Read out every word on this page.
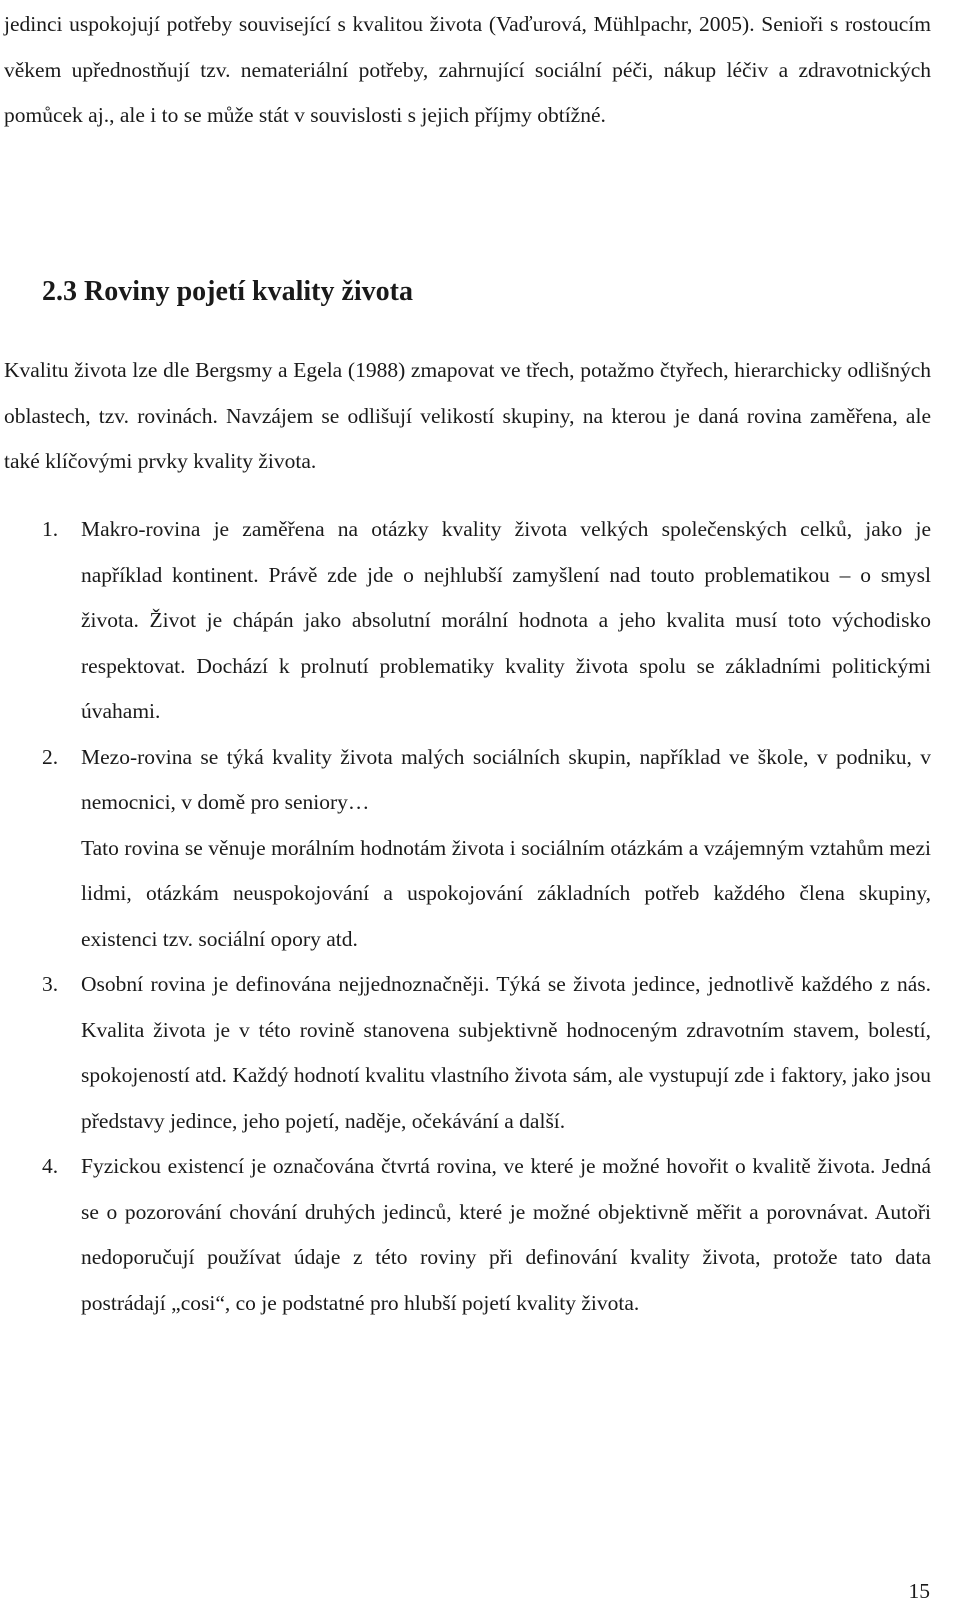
jedinci uspokojují potřeby související s kvalitou života (Vaďurová, Mühlpachr, 2005). Senioři s rostoucím věkem upřednostňují tzv. nemateriální potřeby, zahrnující sociální péči, nákup léčiv a zdravotnických pomůcek aj., ale i to se může stát v souvislosti s jejich příjmy obtížné.

2.3 Roviny pojetí kvality života

Kvalitu života lze dle Bergsmy a Egela (1988) zmapovat ve třech, potažmo čtyřech, hierarchicky odlišných oblastech, tzv. rovinách. Navzájem se odlišují velikostí skupiny, na kterou je daná rovina zaměřena, ale také klíčovými prvky kvality života.

1. Makro-rovina je zaměřena na otázky kvality života velkých společenských celků, jako je například kontinent. Právě zde jde o nejhlubší zamyšlení nad touto problematikou – o smysl života. Život je chápán jako absolutní morální hodnota a jeho kvalita musí toto východisko respektovat. Dochází k prolnutí problematiky kvality života spolu se základními politickými úvahami.
2. Mezo-rovina se týká kvality života malých sociálních skupin, například ve škole, v podniku, v nemocnici, v domě pro seniory…

Tato rovina se věnuje morálním hodnotám života i sociálním otázkám a vzájemným vztahům mezi lidmi, otázkám neuspokojování a uspokojování základních potřeb každého člena skupiny, existenci tzv. sociální opory atd.

3. Osobní rovina je definována nejjednoznačněji. Týká se života jedince, jednotlivě každého z nás. Kvalita života je v této rovině stanovena subjektivně hodnoceným zdravotním stavem, bolestí, spokojeností atd. Každý hodnotí kvalitu vlastního života sám, ale vystupují zde i faktory, jako jsou představy jedince, jeho pojetí, naděje, očekávání a další.
4. Fyzickou existencí je označována čtvrtá rovina, ve které je možné hovořit o kvalitě života. Jedná se o pozorování chování druhých jedinců, které je možné objektivně měřit a porovnávat. Autoři nedoporučují používat údaje z této roviny při definování kvality života, protože tato data postrádají „cosi“, co je podstatné pro hlubší pojetí kvality života.
15
